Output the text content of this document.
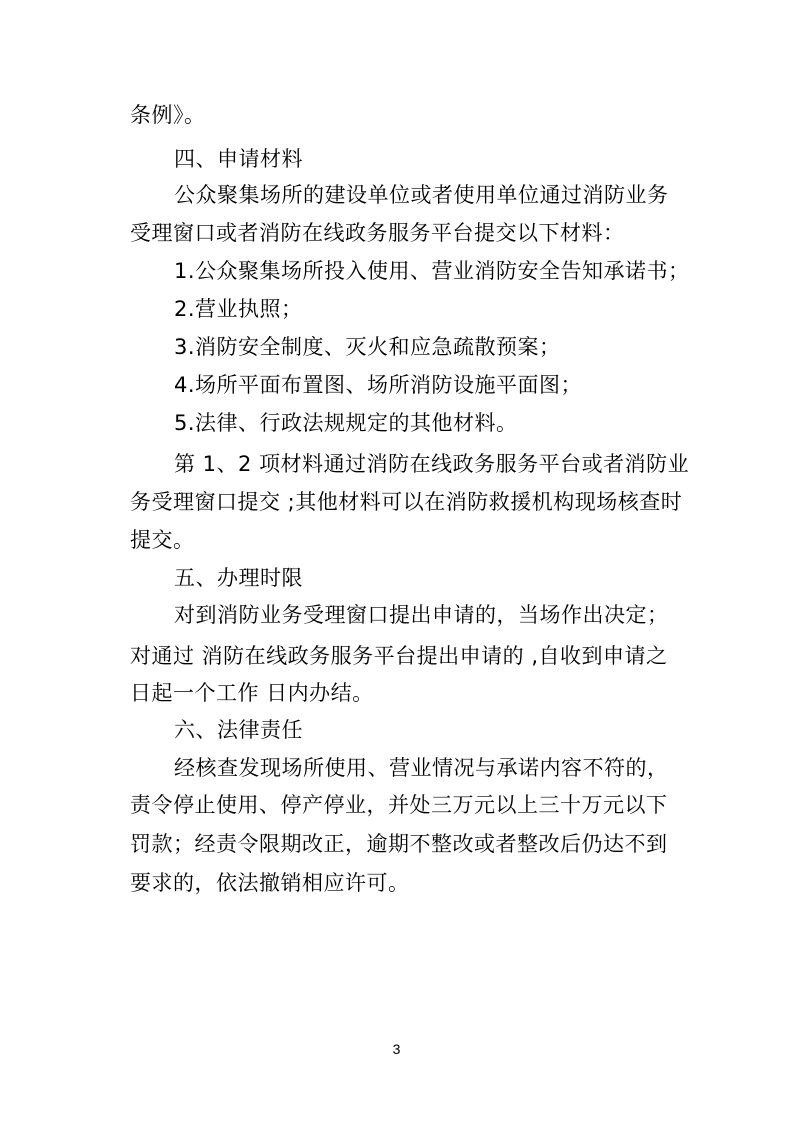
条例》。
四、申请材料
公众聚集场所的建设单位或者使用单位通过消防业务
受理窗口或者消防在线政务服务平台提交以下材料：
1.公众聚集场所投入使用、营业消防安全告知承诺书；
2.营业执照；
3.消防安全制度、灭火和应急疏散预案；
4.场所平面布置图、场所消防设施平面图；
5.法律、行政法规规定的其他材料。
第 1、2 项材料通过消防在线政务服务平台或者消防业
务受理窗口提交 ;其他材料可以在消防救援机构现场核查时
提交。
五、办理时限
对到消防业务受理窗口提出申请的，当场作出决定；
对通过 消防在线政务服务平台提出申请的 ,自收到申请之
日起一个工作 日内办结。
六、法律责任
经核查发现场所使用、营业情况与承诺内容不符的，
责令停止使用、停产停业，并处三万元以上三十万元以下
罚款；经责令限期改正，逾期不整改或者整改后仍达不到
要求的，依法撤销相应许可。
3
